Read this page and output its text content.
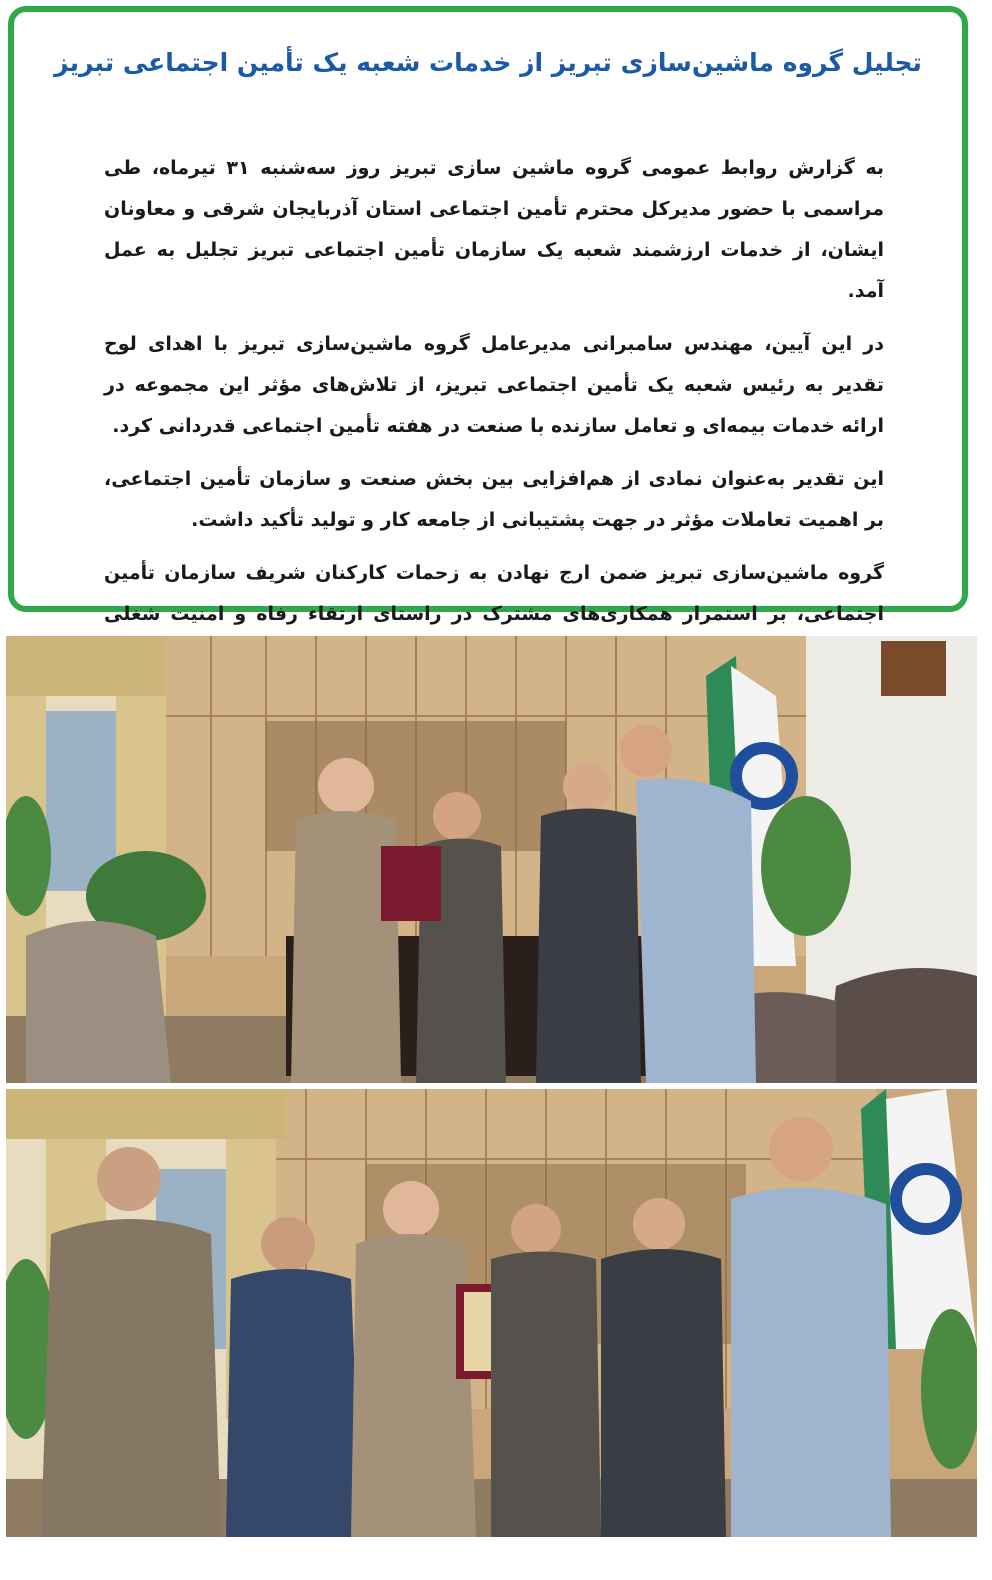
تجلیل گروه ماشین‌سازی تبریز از خدمات شعبه یک تأمین اجتماعی تبریز

به گزارش روابط عمومی گروه ماشین سازی تبریز روز سه‌شنبه ۳۱ تیرماه، طی مراسمی با حضور مدیرکل محترم تأمین اجتماعی استان آذربایجان شرقی و معاونان ایشان، از خدمات ارزشمند شعبه یک سازمان تأمین اجتماعی تبریز تجلیل به عمل آمد.

در این آیین، مهندس سامبرانی مدیرعامل گروه ماشین‌سازی تبریز با اهدای لوح تقدیر به رئیس شعبه یک تأمین اجتماعی تبریز، از تلاش‌های مؤثر این مجموعه در ارائه خدمات بیمه‌ای و تعامل سازنده با صنعت در هفته تأمین اجتماعی قدردانی کرد.

این تقدیر به‌عنوان نمادی از هم‌افزایی بین بخش صنعت و سازمان تأمین اجتماعی، بر اهمیت تعاملات مؤثر در جهت پشتیبانی از جامعه کار و تولید تأکید داشت.

گروه ماشین‌سازی تبریز ضمن ارج نهادن به زحمات کارکنان شریف سازمان تأمین اجتماعی، بر استمرار همکاری‌های مشترک در راستای ارتقاء رفاه و امنیت شغلی
